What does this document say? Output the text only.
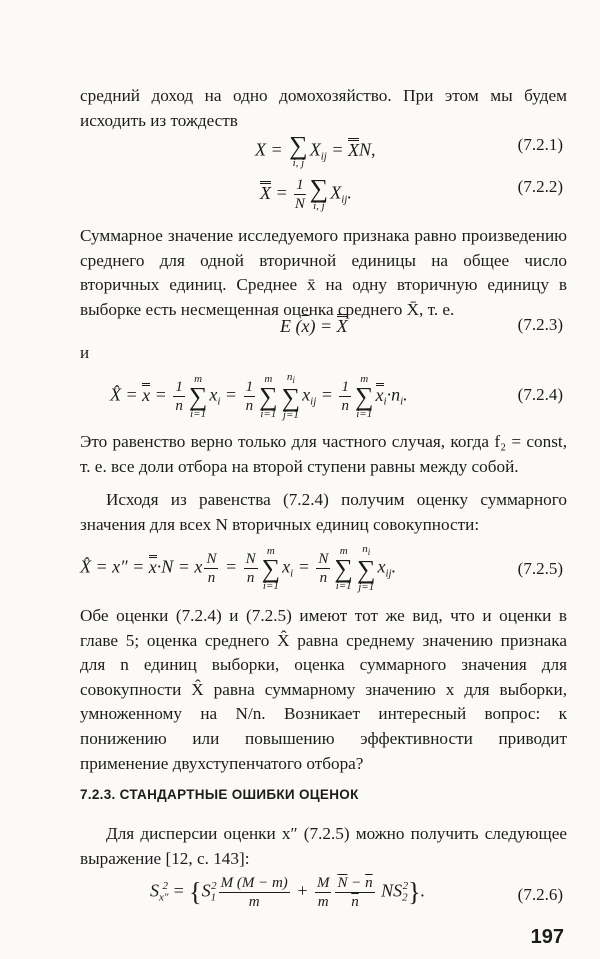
средний доход на одно домохозяйство. При этом мы будем исходить из тождеств
X = ∑
i, j
$X_{ij}$ = XN,	(7.2.1)
$X = \frac{1}{N}$ ∑
i, j
$X_{ij}$.	(7.2.2)
Суммарное значение исследуемого признака равно произведению среднего для одной вторичной единицы на общее число вторичных единиц. Среднее x̄ на одну вторичную единицу в выборке есть несмещенная оценка среднего X̄, т. е.
E $(\overline{x}) = X$	(7.2.3)
и
X̂ = $x = \frac{1}{n}$ m
∑
i=1
$x_i = \frac{1}{n}$ m
∑
i=1
$n_i$
∑
j=1
$x_{ij} = \frac{1}{n}$ m
∑
i=1
$x_i\cdot n_i$.	(7.2.4)
Это равенство верно только для частного случая, когда f₂ = const, т. е. все доли отбора на второй ступени равны между собой.
Исходя из равенства (7.2.4) получим оценку суммарного значения для всех N вторичных единиц совокупности:
X̂ = x″ = x·N = x $\frac{N}{n} = \frac{N}{n}$ m
∑
i=1
$x_i = \frac{N}{n}$ m
∑
i=1
$n_i$
∑
j=1
$x_{ij}$.	(7.2.5)
Обе оценки (7.2.4) и (7.2.5) имеют тот же вид, что и оценки в главе 5; оценка среднего X̂ равна среднему значению признака для n единиц выборки, оценка суммарного значения для совокупности X̂ равна суммарному значению x для выборки, умноженному на N/n. Возникает интересный вопрос: к понижению или повышению эффективности приводит применение двухступенчатого отбора?
7.2.3. СТАНДАРТНЫЕ ОШИБКИ ОЦЕНОК
Для дисперсии оценки x″ (7.2.5) можно получить следующее выражение [12, с. 143]:
$S_{x''}^2 = \{S_1^2 \frac{M (M - m)}{m} + \frac{M}{m} \frac{\overline{N} - \overline{n}}{n} NS_2^2\}$.	(7.2.6)
197
